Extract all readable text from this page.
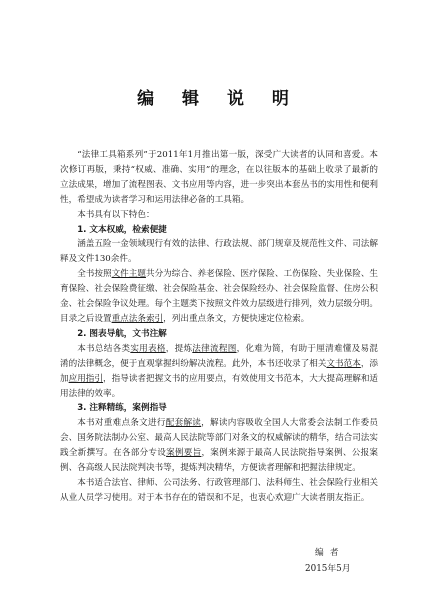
编 辑 说 明

“法律工具箱系列”于2011年1月推出第一版，深受广大读者的认同和喜爱。本次修订再版，秉持“权威、准确、实用”的理念，在以往版本的基础上收录了最新的立法成果，增加了流程图表、文书应用等内容，进一步突出本套丛书的实用性和便利性，希望成为读者学习和运用法律必备的工具箱。

本书具有以下特色：

1. 文本权威，检索便捷

涵盖五险一金领域现行有效的法律、行政法规、部门规章及规范性文件、司法解释及文件130余件。

全书按照文件主题共分为综合、养老保险、医疗保险、工伤保险、失业保险、生育保险、社会保险费征缴、社会保险基金、社会保险经办、社会保险监督、住房公积金、社会保险争议处理。每个主题类下按照文件效力层级进行排列，效力层级分明。目录之后设置重点法条索引，列出重点条文，方便快速定位检索。

2. 图表导航，文书注解

本书总结各类实用表格，提炼法律流程图，化难为简，有助于厘清难懂及易混淆的法律概念，便于直观掌握纠纷解决流程。此外，本书还收录了相关文书范本，添加应用指引，指导读者把握文书的应用要点，有效使用文书范本，大大提高理解和适用法律的效率。

3. 注释精练，案例指导

本书对重难点条文进行配套解读，解读内容吸收全国人大常委会法制工作委员会、国务院法制办公室、最高人民法院等部门对条文的权威解读的精华，结合司法实践全新撰写。在各部分专设案例要旨，案例来源于最高人民法院指导案例、公报案例、各高级人民法院判决书等，提炼判决精华，方便读者理解和把握法律规定。

本书适合法官、律师、公司法务、行政管理部门、法科师生、社会保险行业相关从业人员学习使用。对于本书存在的错误和不足，也衷心欢迎广大读者朋友指正。

编者
2015年5月
